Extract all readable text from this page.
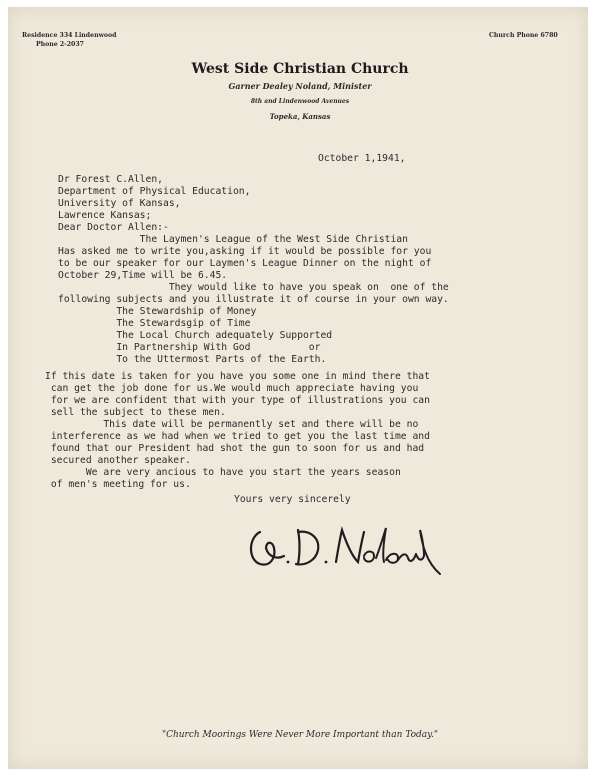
Residence 334 Lindenwood
Phone 2-2037
Church Phone 6780
West Side Christian Church
Garner Dealey Noland, Minister
8th and Lindenwood Avenues
Topeka, Kansas
October 1,1941,
Dr Forest C.Allen,
Department of Physical Education,
University of Kansas,
Lawrence Kansas;
Dear Doctor Allen:-
The Laymen's League of the West Side Christian
Has asked me to write you,asking if it would be possible for you
to be our speaker for our Laymen's League Dinner on the night of
October 29,Time will be 6.45.
They would like to have you speak on  one of the
following subjects and you illustrate it of course in your own way.
The Stewardship of Money
The Stewardsgip of Time
The Local Church adequately Supported
In Partnership With God          or
To the Uttermost Parts of the Earth.
If this date is taken for you have you some one in mind there that
can get the job done for us.We would much appreciate having you
for we are confident that with your type of illustrations you can
sell the subject to these men.
This date will be permanently set and there will be no
interference as we had when we tried to get you the last time and
found that our President had shot the gun to soon for us and had
secured another speaker.
We are very ancious to have you start the years season
of men's meeting for us.
Yours very sincerely
"Church Moorings Were Never More Important than Today."
